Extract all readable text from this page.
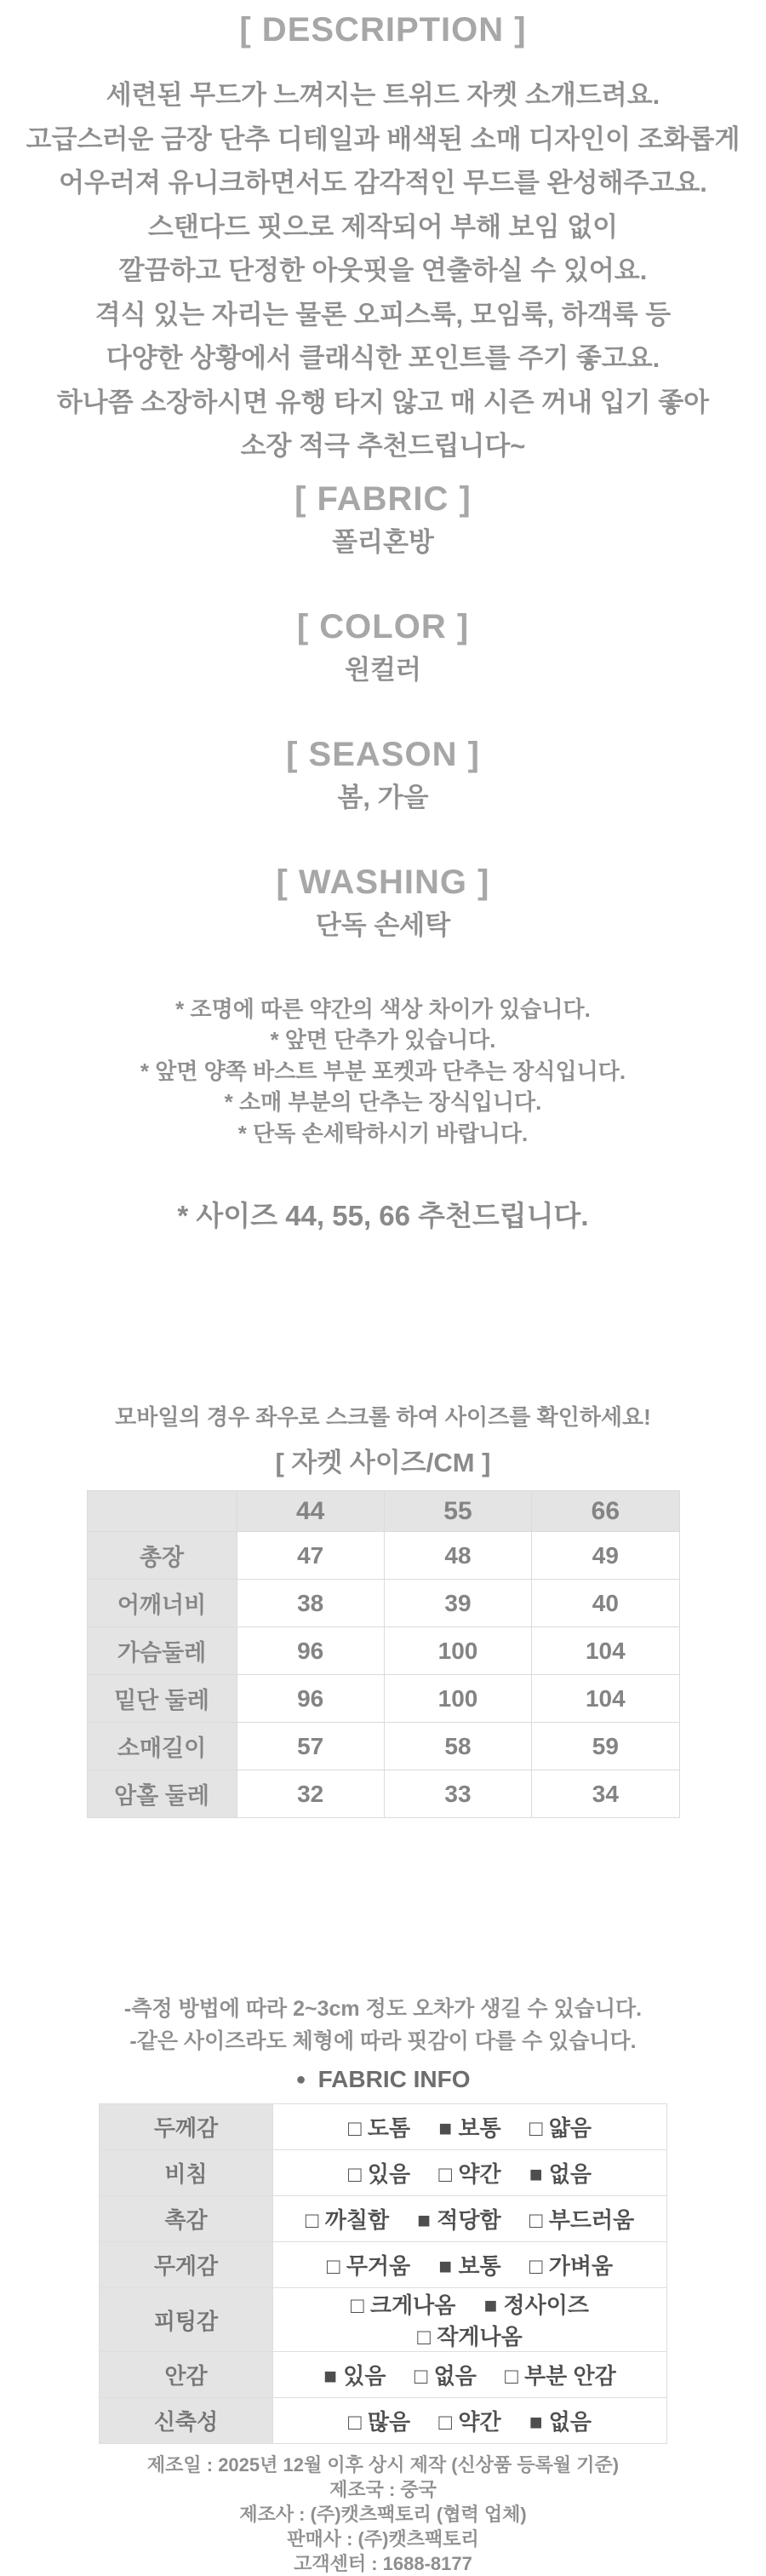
[ DESCRIPTION ]
세련된 무드가 느껴지는 트위드 자켓 소개드려요.
고급스러운 금장 단추 디테일과 배색된 소매 디자인이 조화롭게
어우러져 유니크하면서도 감각적인 무드를 완성해주고요.
스탠다드 핏으로 제작되어 부해 보임 없이
깔끔하고 단정한 아웃핏을 연출하실 수 있어요.
격식 있는 자리는 물론 오피스룩, 모임룩, 하객룩 등
다양한 상황에서 클래식한 포인트를 주기 좋고요.
하나쯤 소장하시면 유행 타지 않고 매 시즌 꺼내 입기 좋아
소장 적극 추천드립니다~
[ FABRIC ]
폴리혼방
[ COLOR ]
원컬러
[ SEASON ]
봄, 가을
[ WASHING ]
단독 손세탁
* 조명에 따른 약간의 색상 차이가 있습니다.
* 앞면 단추가 있습니다.
* 앞면 양쪽 바스트 부분 포켓과 단추는 장식입니다.
* 소매 부분의 단추는 장식입니다.
* 단독 손세탁하시기 바랍니다.
* 사이즈 44, 55, 66 추천드립니다.
모바일의 경우 좌우로 스크롤 하여 사이즈를 확인하세요!
[ 자켓 사이즈/CM ]
	44	55	66
총장	47	48	49
어깨너비	38	39	40
가슴둘레	96	100	104
밑단 둘레	96	100	104
소매길이	57	58	59
암홀 둘레	32	33	34
-측정 방법에 따라 2~3cm 정도 오차가 생길 수 있습니다.
-같은 사이즈라도 체형에 따라 핏감이 다를 수 있습니다.
● FABRIC INFO
두께감	□ 도톰 ■ 보통 □ 얇음
비침	□ 있음 □ 약간 ■ 없음
촉감	□ 까칠함 ■ 적당함 □ 부드러움
무게감	□ 무거움 ■ 보통 □ 가벼움
피팅감	□ 크게나옴 ■ 정사이즈 □ 작게나옴
안감	■ 있음 □ 없음 □ 부분 안감
신축성	□ 많음 □ 약간 ■ 없음
제조일 : 2025년 12월 이후 상시 제작 (신상품 등록월 기준)
제조국 : 중국
제조사 : (주)캣츠팩토리 (협력 업체)
판매사 : (주)캣츠팩토리
고객센터 : 1688-8177
